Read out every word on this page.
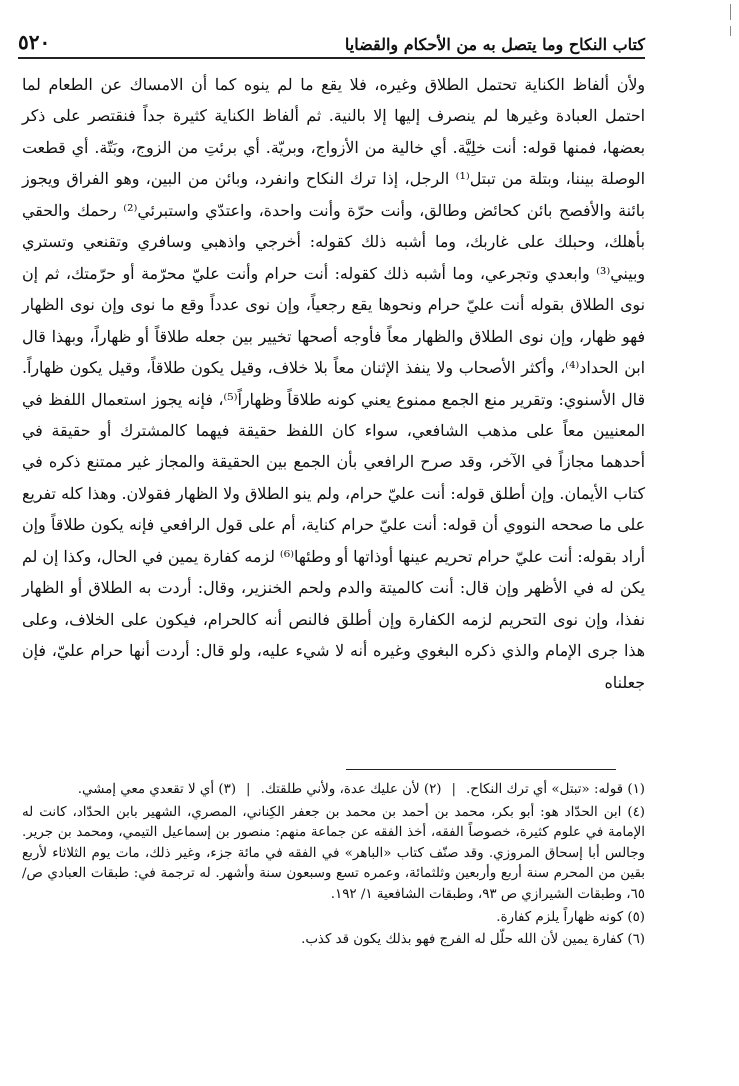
٥٢٠	كتاب النكاح وما يتصل به من الأحكام والقضايا

ولأن ألفاظ الكناية تحتمل الطلاق وغيره، فلا يقع ما لم ينوه كما أن الامساك عن الطعام لما احتمل العبادة وغيرها لم ينصرف إليها إلا بالنية. ثم ألفاظ الكناية كثيرة جداً فنقتصر على ذكر بعضها، فمنها قوله: أنت خلِيَّة. أي خالية من الأزواج، وبريّة. أي برئتِ من الزوج، وبَتّة. أي قطعت الوصلة بيننا، وبتلة من تبتل⁽¹⁾ الرجل، إذا ترك النكاح وانفرد، وبائن من البين، وهو الفراق ويجوز بائنة والأفصح بائن كحائض وطالق، وأنت حرّة وأنت واحدة، واعتدّي واستبرئي⁽²⁾ رحمك والحقي بأهلك، وحبلك على غاربك، وما أشبه ذلك كقوله: أخرجي واذهبي وسافري وتقنعي وتستري وبيني⁽³⁾ وابعدي وتجرعي، وما أشبه ذلك كقوله: أنت حرام وأنت عليّ محرّمة أو حرّمتك، ثم إن نوى الطلاق بقوله أنت عليّ حرام ونحوها يقع رجعياً، وإن نوى عدداً وقع ما نوى وإن نوى الظهار فهو ظهار، وإن نوى الطلاق والظهار معاً فأوجه أصحها تخيير بين جعله طلاقاً أو ظهاراً، وبهذا قال ابن الحداد⁽⁴⁾، وأكثر الأصحاب ولا ينفذ الإثنان معاً بلا خلاف، وقيل يكون طلاقاً، وقيل يكون ظهاراً. قال الأسنوي: وتقرير منع الجمع ممنوع يعني كونه طلاقاً وظهاراً⁽⁵⁾، فإنه يجوز استعمال اللفظ في المعنيين معاً على مذهب الشافعي، سواء كان اللفظ حقيقة فيهما كالمشترك أو حقيقة في أحدهما مجازاً في الآخر، وقد صرح الرافعي بأن الجمع بين الحقيقة والمجاز غير ممتنع ذكره في كتاب الأيمان. وإن أطلق قوله: أنت عليّ حرام، ولم ينو الطلاق ولا الظهار فقولان. وهذا كله تفريع على ما صححه النووي أن قوله: أنت عليّ حرام كناية، أم على قول الرافعي فإنه يكون طلاقاً وإن أراد بقوله: أنت عليّ حرام تحريم عينها أوذاتها أو وطئها⁽⁶⁾ لزمه كفارة يمين في الحال، وكذا إن لم يكن له في الأظهر وإن قال: أنت كالميتة والدم ولحم الخنزير، وقال: أردت به الطلاق أو الظهار نفذا، وإن نوى التحريم لزمه الكفارة وإن أطلق فالنص أنه كالحرام، فيكون على الخلاف، وعلى هذا جرى الإمام والذي ذكره البغوي وغيره أنه لا شيء عليه، ولو قال: أردت أنها حرام عليّ، فإن جعلناه

(١) قوله: «تبتل» أي ترك النكاح.
|
(٢) لأن عليك عدة، ولأني طلقتك.
|
(٣) أي لا تقعدي معي إمشي.
(٤) ابن الحدّاد هو: أبو بكر، محمد بن أحمد بن محمد بن جعفر الكِناني، المصري، الشهير بابن الحدّاد، كانت له الإمامة في علوم كثيرة، خصوصاً الفقه، أخذ الفقه عن جماعة منهم: منصور بن إسماعيل التيمي، ومحمد بن جرير. وجالس أبا إسحاق المروزي. وقد صنّف كتاب «الباهر» في الفقه في مائة جزء، وغير ذلك، مات يوم الثلاثاء لأربع بقين من المحرم سنة أربع وأربعين وثلثمائة، وعمره تسع وسبعون سنة وأشهر. له ترجمة في: طبقات العبادي ص/ ٦٥، وطبقات الشيرازي ص ٩٣، وطبقات الشافعية ١/ ١٩٢.
(٥) كونه ظهاراً يلزم كفارة.
(٦) كفارة يمين لأن الله حلّل له الفرج فهو بذلك يكون قد كذب.
